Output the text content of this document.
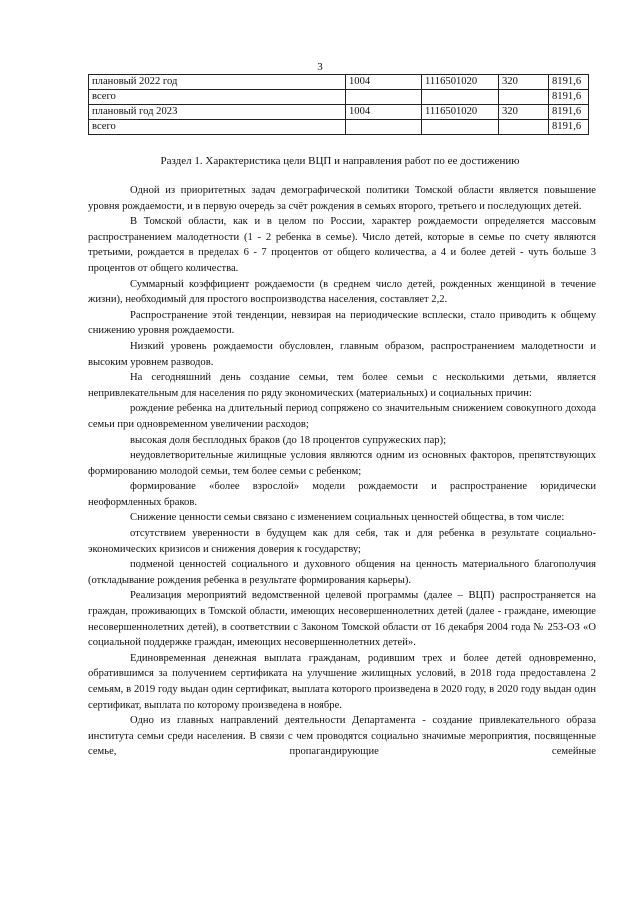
3
плановый 2022 год	1004	1116501020	320	8191,6
всего				8191,6
плановый год 2023	1004	1116501020	320	8191,6
всего				8191,6
Раздел 1. Характеристика цели ВЦП и направления работ по ее достижению

Одной из приоритетных задач демографической политики Томской области является повышение уровня рождаемости, и в первую очередь за счёт рождения в семьях второго, третьего и последующих детей.

В Томской области, как и в целом по России, характер рождаемости определяется массовым распространением малодетности (1 - 2 ребенка в семье). Число детей, которые в семье по счету являются третьими, рождается в пределах 6 - 7 процентов от общего количества, а 4 и более детей - чуть больше 3 процентов от общего количества.

Суммарный коэффициент рождаемости (в среднем число детей, рожденных женщиной в течение жизни), необходимый для простого воспроизводства населения, составляет 2,2.

Распространение этой тенденции, невзирая на периодические всплески, стало приводить к общему снижению уровня рождаемости.

Низкий уровень рождаемости обусловлен, главным образом, распространением малодетности и высоким уровнем разводов.

На сегодняшний день создание семьи, тем более семьи с несколькими детьми, является непривлекательным для населения по ряду экономических (материальных) и социальных причин:

рождение ребенка на длительный период сопряжено со значительным снижением совокупного дохода семьи при одновременном увеличении расходов;

высокая доля бесплодных браков (до 18 процентов супружеских пар);

неудовлетворительные жилищные условия являются одним из основных факторов, препятствующих формированию молодой семьи, тем более семьи с ребенком;

формирование «более взрослой» модели рождаемости и распространение юридически неоформленных браков.

Снижение ценности семьи связано с изменением социальных ценностей общества, в том числе:

отсутствием уверенности в будущем как для себя, так и для ребенка в результате социально-экономических кризисов и снижения доверия к государству;

подменой ценностей социального и духовного общения на ценность материального благополучия (откладывание рождения ребенка в результате формирования карьеры).

Реализация мероприятий ведомственной целевой программы (далее – ВЦП) распространяется на граждан, проживающих в Томской области, имеющих несовершеннолетних детей (далее - граждане, имеющие несовершеннолетних детей), в соответствии с Законом Томской области от 16 декабря 2004 года № 253-ОЗ «О социальной поддержке граждан, имеющих несовершеннолетних детей».

Единовременная денежная выплата гражданам, родившим трех и более детей одновременно, обратившимся за получением сертификата на улучшение жилищных условий, в 2018 года предоставлена 2 семьям, в 2019 году выдан один сертификат, выплата которого произведена в 2020 году, в 2020 году выдан один сертификат, выплата по которому произведена в ноябре.

Одно из главных направлений деятельности Департамента - создание привлекательного образа института семьи среди населения. В связи с чем проводятся социально значимые мероприятия, посвященные семье, пропагандирующие семейные
